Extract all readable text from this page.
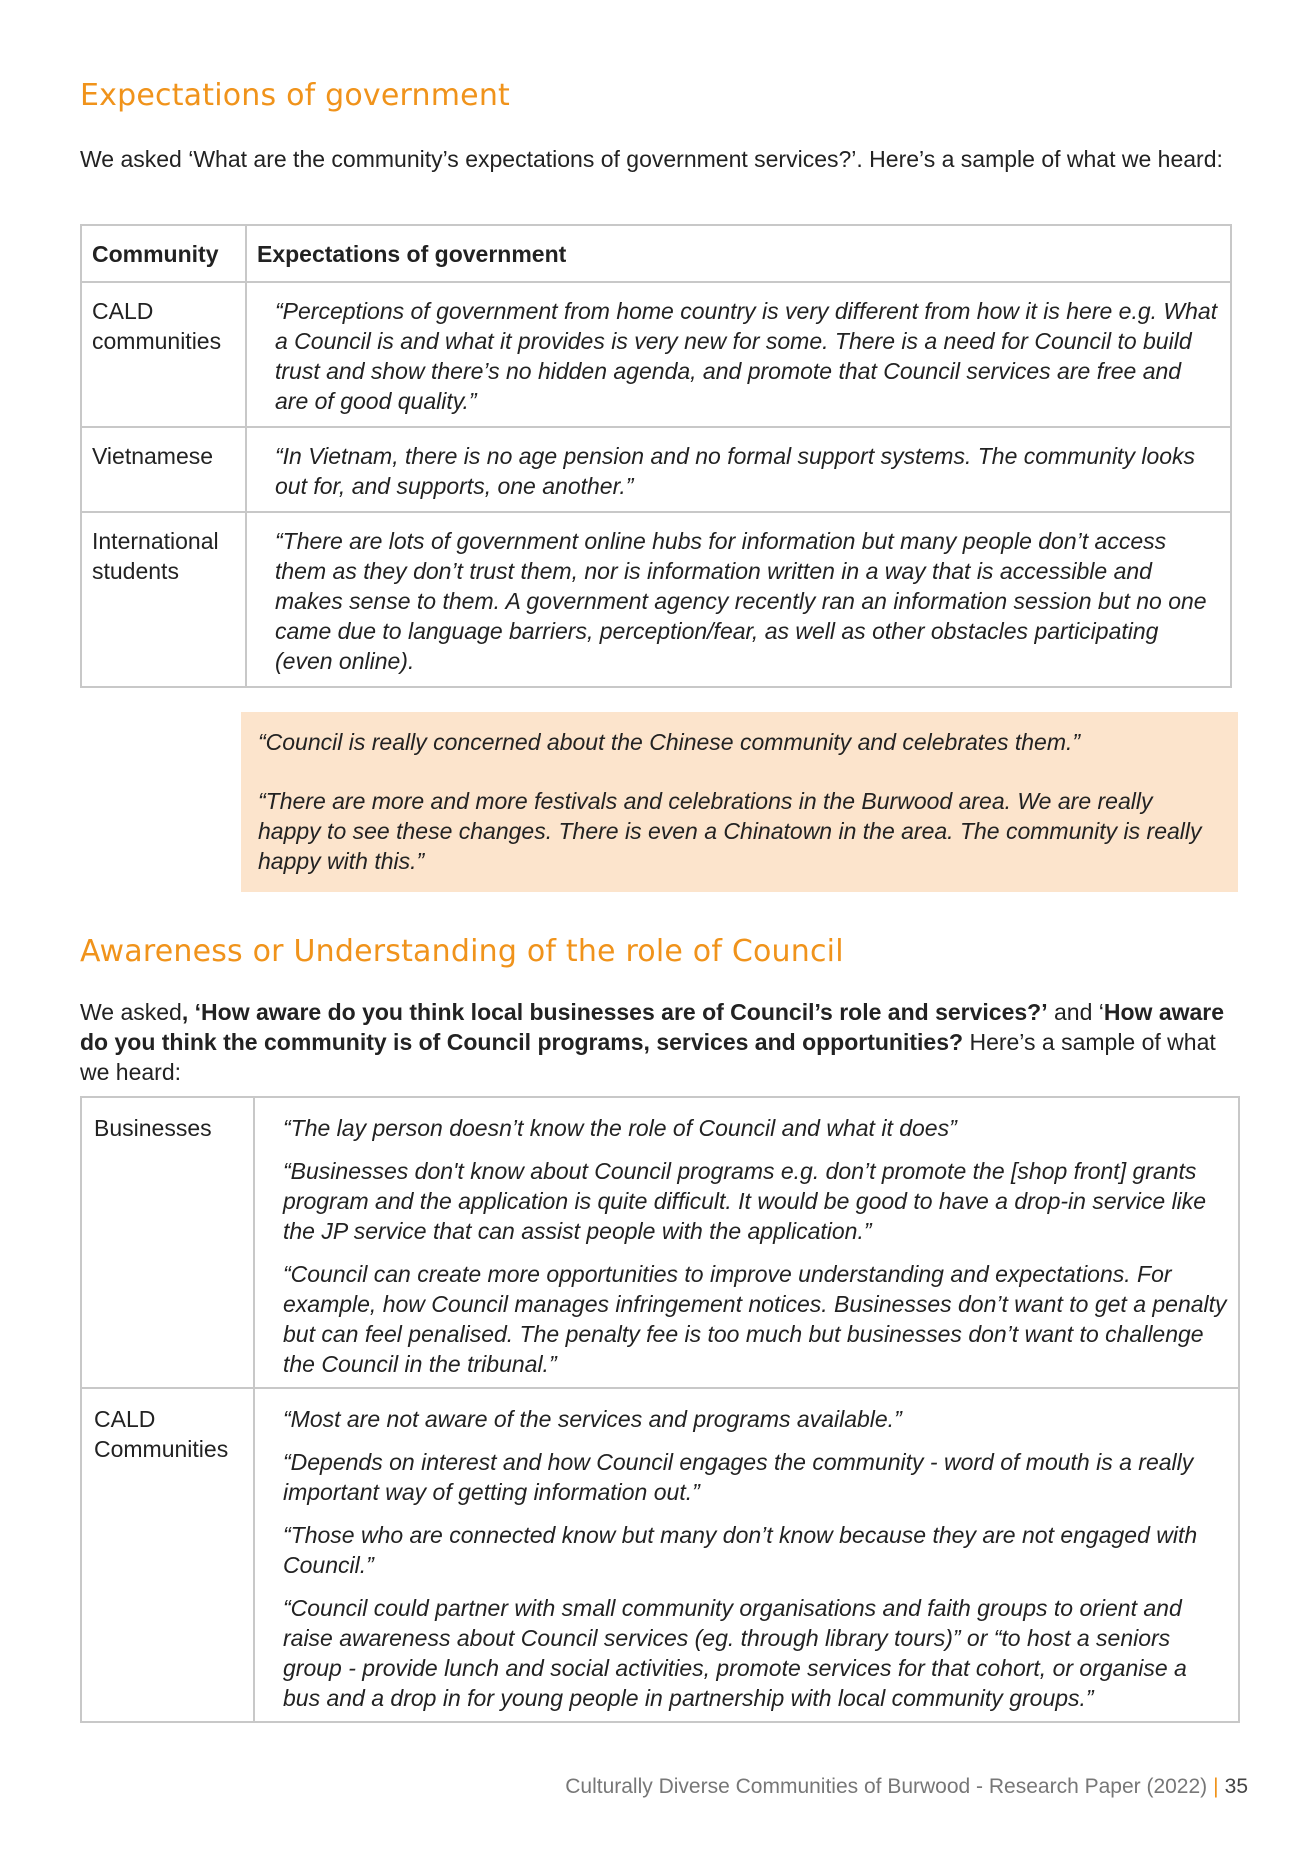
Expectations of government

We asked ‘What are the community’s expectations of government services?’. Here’s a sample of what we heard:

Community	Expectations of government
CALD communities	“Perceptions of government from home country is very different from how it is here e.g. What a Council is and what it provides is very new for some. There is a need for Council to build trust and show there’s no hidden agenda, and promote that Council services are free and are of good quality.”
Vietnamese	“In Vietnam, there is no age pension and no formal support systems. The community looks out for, and supports, one another.”
International students	“There are lots of government online hubs for information but many people don’t access them as they don’t trust them, nor is information written in a way that is accessible and makes sense to them. A government agency recently ran an information session but no one came due to language barriers, perception/fear, as well as other obstacles participating (even online).

“Council is really concerned about the Chinese community and celebrates them.”

“There are more and more festivals and celebrations in the Burwood area. We are really happy to see these changes. There is even a Chinatown in the area. The community is really happy with this.”

Awareness or Understanding of the role of Council

We asked, ‘How aware do you think local businesses are of Council’s role and services?’ and ‘How aware do you think the community is of Council programs, services and opportunities? Here’s a sample of what we heard:

Businesses	“The lay person doesn’t know the role of Council and what it does”

“Businesses don't know about Council programs e.g. don’t promote the [shop front] grants program and the application is quite difficult. It would be good to have a drop-in service like the JP service that can assist people with the application.”

“Council can create more opportunities to improve understanding and expectations. For example, how Council manages infringement notices. Businesses don’t want to get a penalty but can feel penalised. The penalty fee is too much but businesses don’t want to challenge the Council in the tribunal.”

CALD Communities	“Most are not aware of the services and programs available.”

“Depends on interest and how Council engages the community - word of mouth is a really important way of getting information out.”

“Those who are connected know but many don’t know because they are not engaged with Council.”

“Council could partner with small community organisations and faith groups to orient and raise awareness about Council services (eg. through library tours)” or “to host a seniors group - provide lunch and social activities, promote services for that cohort, or organise a bus and a drop in for young people in partnership with local community groups.”

Culturally Diverse Communities of Burwood - Research Paper (2022) | 35
